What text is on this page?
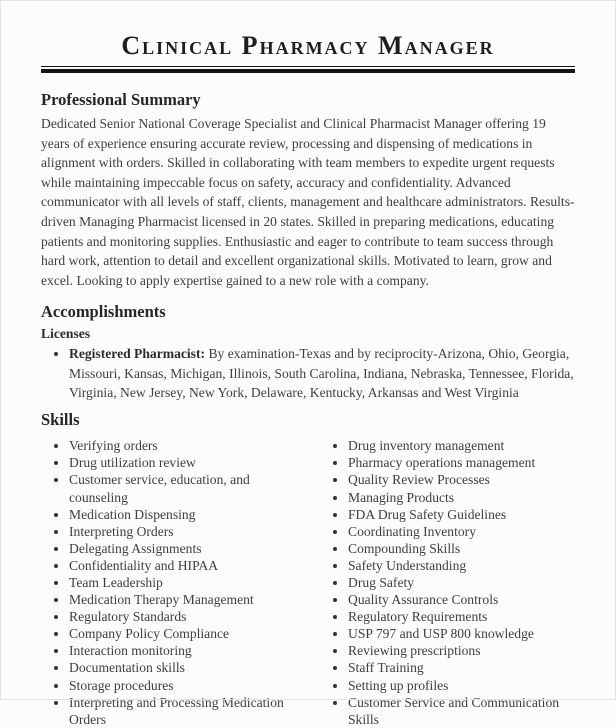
Clinical Pharmacy Manager
Professional Summary

Dedicated Senior National Coverage Specialist and Clinical Pharmacist Manager offering 19 years of experience ensuring accurate review, processing and dispensing of medications in alignment with orders. Skilled in collaborating with team members to expedite urgent requests while maintaining impeccable focus on safety, accuracy and confidentiality. Advanced communicator with all levels of staff, clients, management and healthcare administrators. Results-driven Managing Pharmacist licensed in 20 states. Skilled in preparing medications, educating patients and monitoring supplies. Enthusiastic and eager to contribute to team success through hard work, attention to detail and excellent organizational skills. Motivated to learn, grow and excel. Looking to apply expertise gained to a new role with a company.

Accomplishments
Licenses
• Registered Pharmacist: By examination-Texas and by reciprocity-Arizona, Ohio, Georgia, Missouri, Kansas, Michigan, Illinois, South Carolina, Indiana, Nebraska, Tennessee, Florida, Virginia, New Jersey, New York, Delaware, Kentucky, Arkansas and West Virginia
Skills
• Verifying orders
• Drug utilization review
• Customer service, education, and counseling
• Medication Dispensing
• Interpreting Orders
• Delegating Assignments
• Confidentiality and HIPAA
• Team Leadership
• Medication Therapy Management
• Regulatory Standards
• Company Policy Compliance
• Interaction monitoring
• Documentation skills
• Storage procedures
• Interpreting and Processing Medication Orders
• Drug inventory management
• Pharmacy operations management
• Quality Review Processes
• Managing Products
• FDA Drug Safety Guidelines
• Coordinating Inventory
• Compounding Skills
• Safety Understanding
• Drug Safety
• Quality Assurance Controls
• Regulatory Requirements
• USP 797 and USP 800 knowledge
• Reviewing prescriptions
• Staff Training
• Setting up profiles
• Customer Service and Communication Skills
